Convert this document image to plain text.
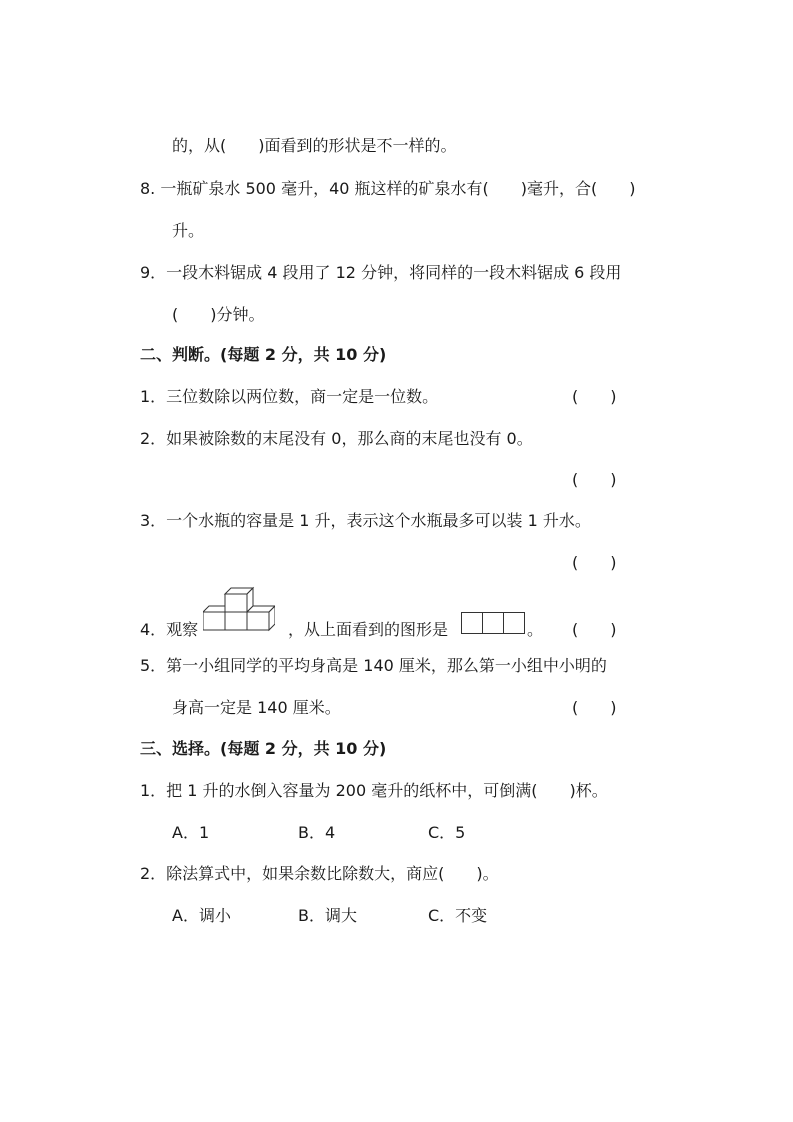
的，从(　　)面看到的形状是不一样的。
8. 一瓶矿泉水 500 毫升，40 瓶这样的矿泉水有(　　)毫升，合(　　)
升。
9．一段木料锯成 4 段用了 12 分钟，将同样的一段木料锯成 6 段用
(　　)分钟。
二、判断。(每题 2 分，共 10 分)
1．三位数除以两位数，商一定是一位数。	(　　)
2．如果被除数的末尾没有 0，那么商的末尾也没有 0。
(　　)
3．一个水瓶的容量是 1 升，表示这个水瓶最多可以装 1 升水。
(　　)
4．观察	，从上面看到的图形是	。 (　　)
5．第一小组同学的平均身高是 140 厘米，那么第一小组中小明的
身高一定是 140 厘米。	(　　)
三、选择。(每题 2 分，共 10 分)
1．把 1 升的水倒入容量为 200 毫升的纸杯中，可倒满(　　)杯。
A．1	B．4	C．5
2．除法算式中，如果余数比除数大，商应(　　)。
A．调小	B．调大	C．不变
